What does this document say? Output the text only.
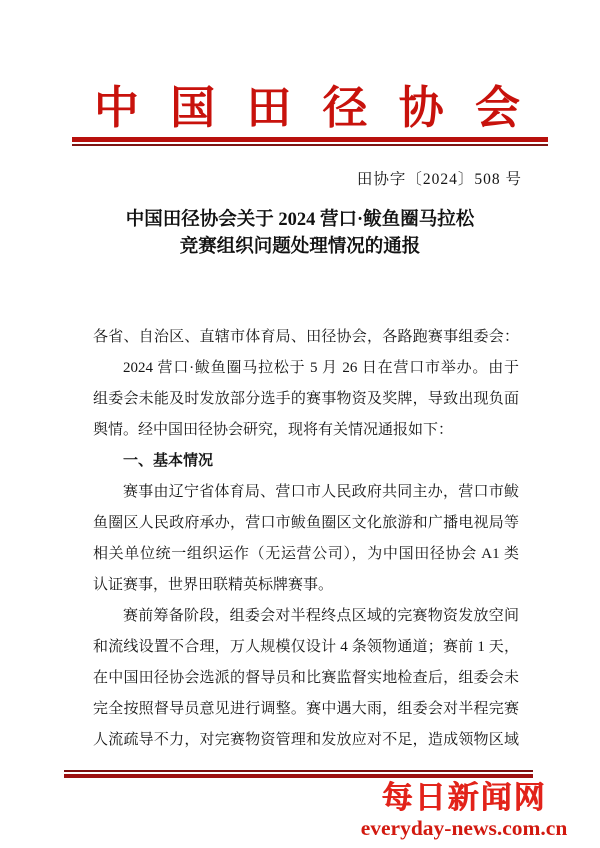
中 国 田 径 协 会
田协字〔2024〕508 号
中国田径协会关于 2024 营口·鲅鱼圈马拉松
竞赛组织问题处理情况的通报
各省、自治区、直辖市体育局、田径协会，各路跑赛事组委会：
2024 营口·鲅鱼圈马拉松于 5 月 26 日在营口市举办。由于
组委会未能及时发放部分选手的赛事物资及奖牌，导致出现负面
舆情。经中国田径协会研究，现将有关情况通报如下：
一、基本情况
赛事由辽宁省体育局、营口市人民政府共同主办，营口市鲅
鱼圈区人民政府承办，营口市鲅鱼圈区文化旅游和广播电视局等
相关单位统一组织运作（无运营公司），为中国田径协会 A1 类
认证赛事，世界田联精英标牌赛事。
赛前筹备阶段，组委会对半程终点区域的完赛物资发放空间
和流线设置不合理，万人规模仅设计 4 条领物通道；赛前 1 天，
在中国田径协会选派的督导员和比赛监督实地检查后，组委会未
完全按照督导员意见进行调整。赛中遇大雨，组委会对半程完赛
人流疏导不力，对完赛物资管理和发放应对不足，造成领物区域
每日新闻网
everyday-news.com.cn
